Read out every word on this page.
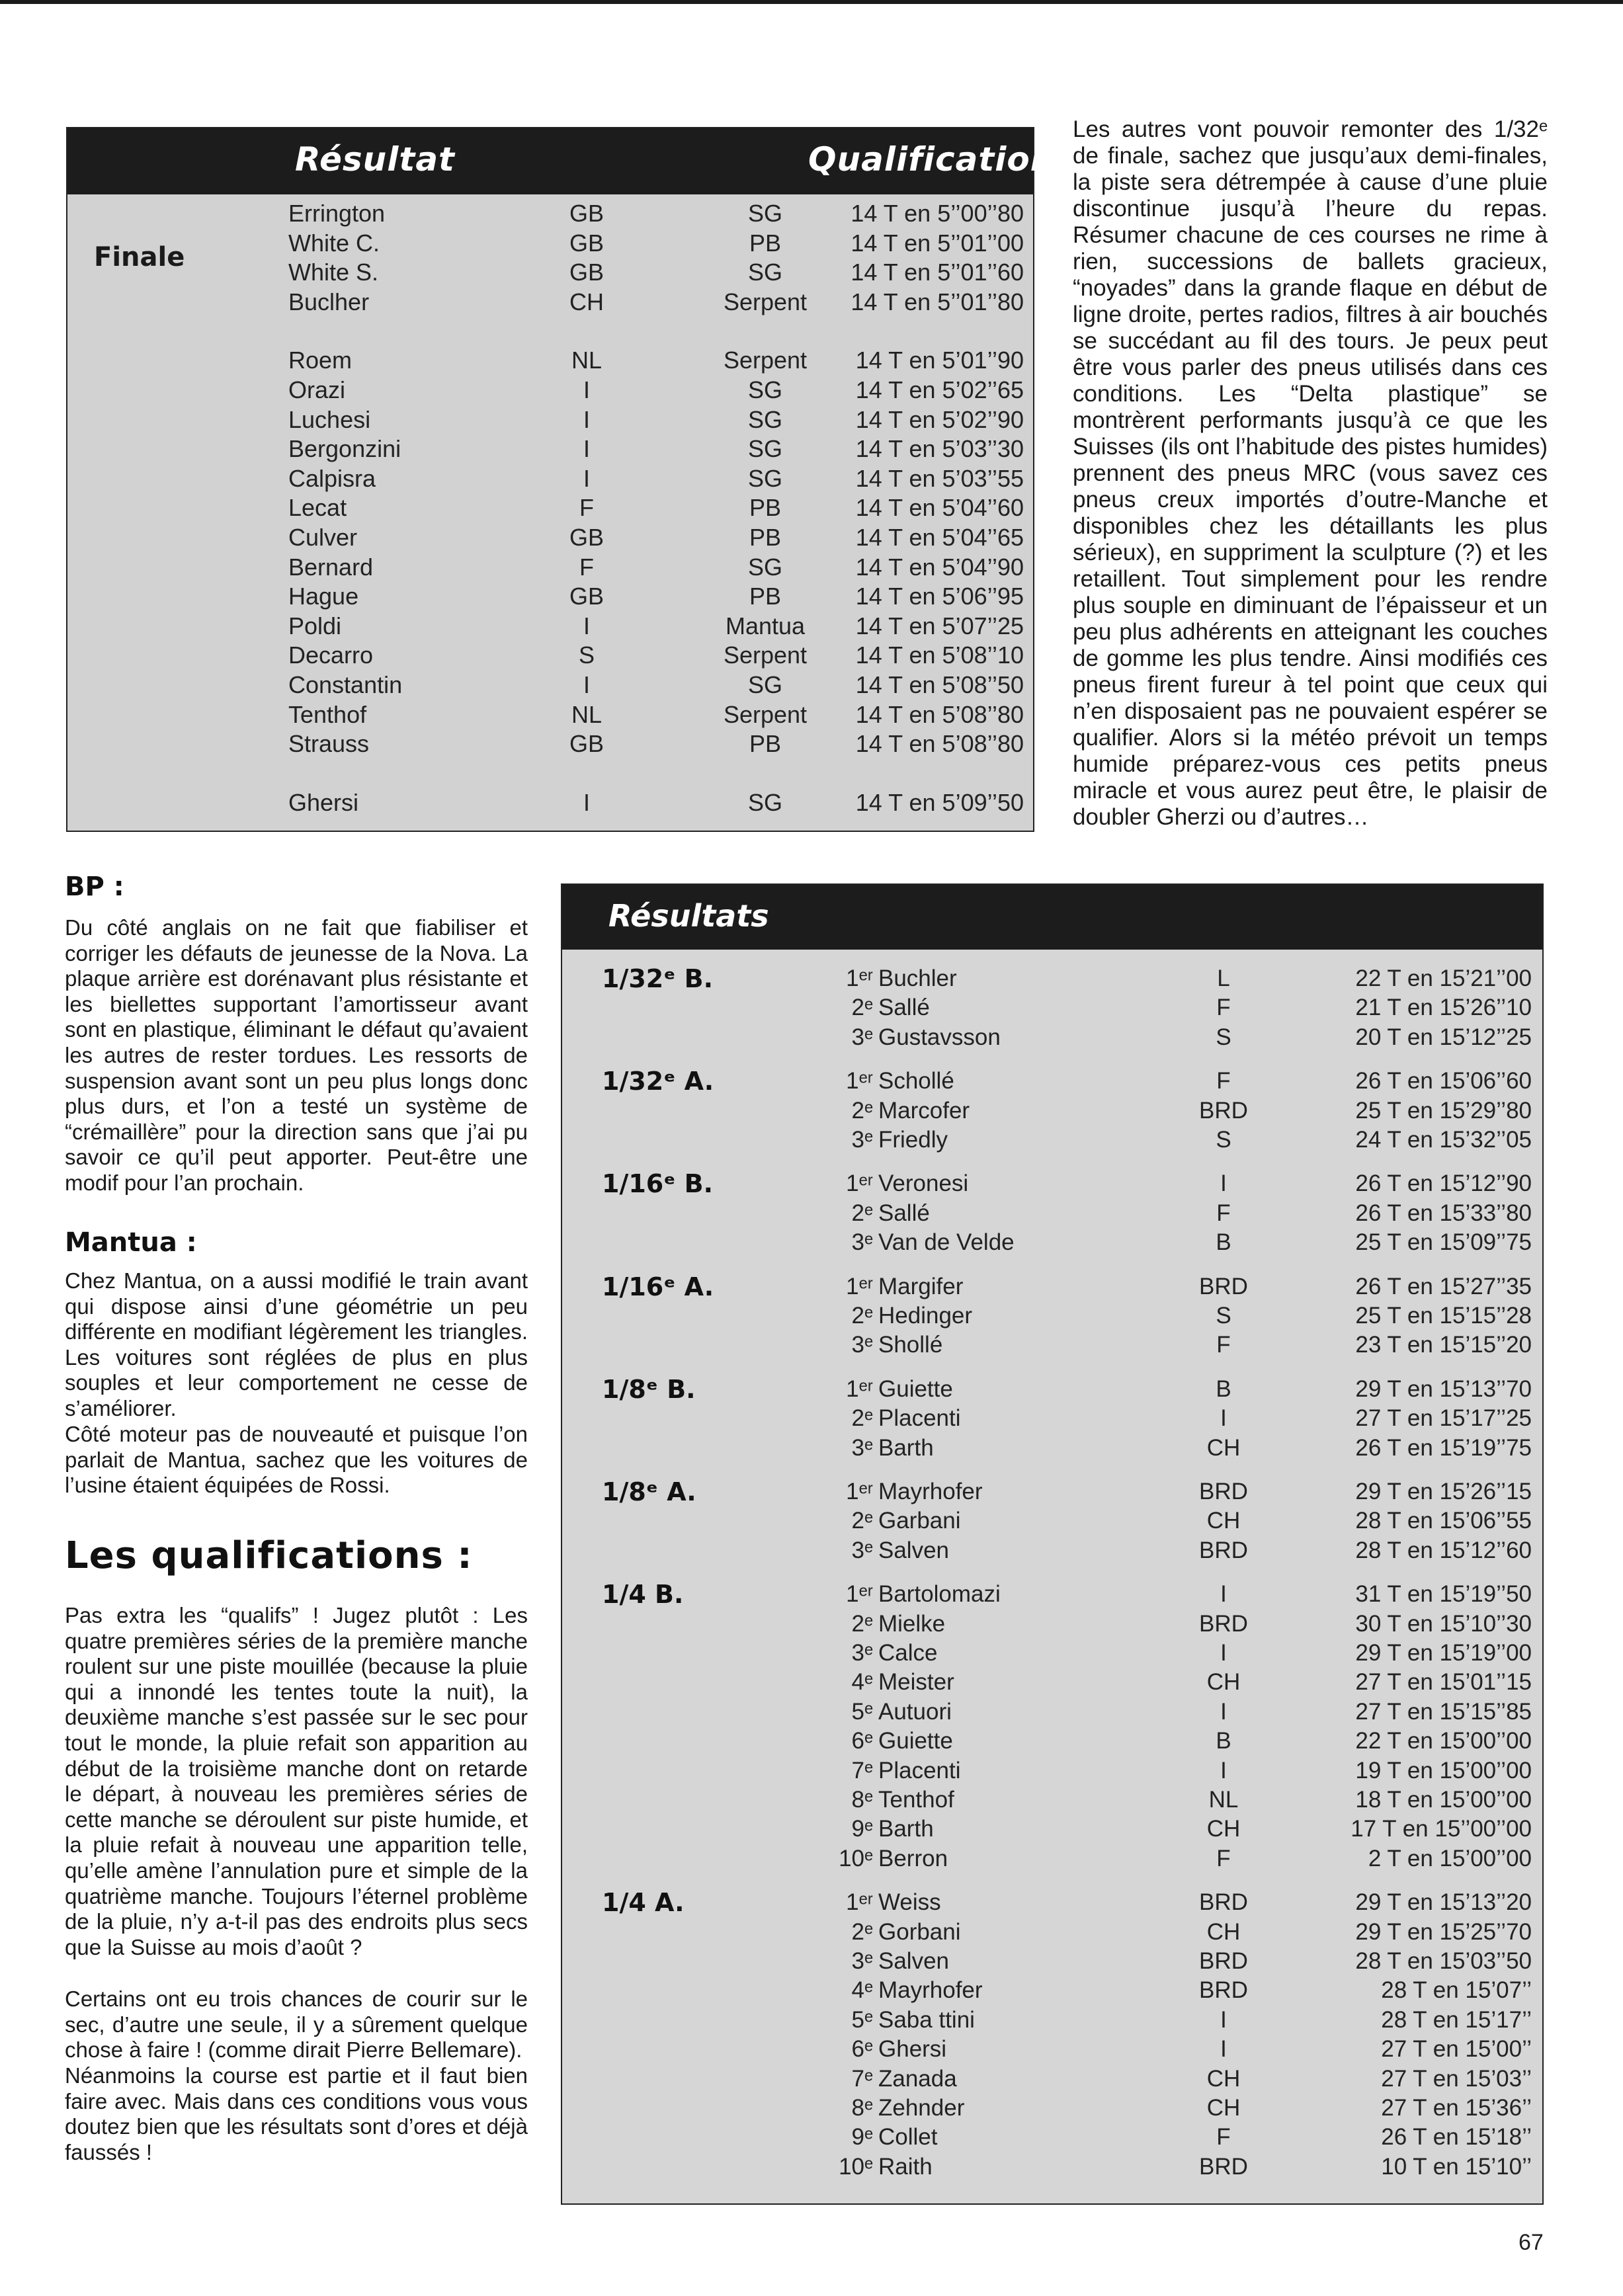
Résultat	Qualifications
Finale
Errington	GB	SG	14 T en 5’’00’’80
White C.	GB	PB	14 T en 5’’01’’00
White S.	GB	SG	14 T en 5’’01’’60
Buclher	CH	Serpent	14 T en 5’’01’’80
Roem	NL	Serpent	14 T en 5’01’’90
Orazi	I	SG	14 T en 5’02’’65
Luchesi	I	SG	14 T en 5’02’’90
Bergonzini	I	SG	14 T en 5’03’’30
Calpisra	I	SG	14 T en 5’03’’55
Lecat	F	PB	14 T en 5’04’’60
Culver	GB	PB	14 T en 5’04’’65
Bernard	F	SG	14 T en 5’04’’90
Hague	GB	PB	14 T en 5’06’’95
Poldi	I	Mantua	14 T en 5’07’’25
Decarro	S	Serpent	14 T en 5’08’’10
Constantin	I	SG	14 T en 5’08’’50
Tenthof	NL	Serpent	14 T en 5’08’’80
Strauss	GB	PB	14 T en 5’08’’80
Ghersi	I	SG	14 T en 5’09’’50
Les autres vont pouvoir remonter des 1/32ᵉ de finale, sachez que jusqu’aux demi-finales, la piste sera détrempée à cause d’une pluie discontinue jusqu’à l’heure du repas. Résumer chacune de ces courses ne rime à rien, successions de ballets gracieux, “noyades” dans la grande flaque en début de ligne droite, pertes radios, filtres à air bouchés se succédant au fil des tours. Je peux peut être vous parler des pneus utilisés dans ces conditions. Les “Delta plastique” se montrèrent performants jusqu’à ce que les Suisses (ils ont l’habitude des pistes humides) prennent des pneus MRC (vous savez ces pneus creux importés d’outre-Manche et disponibles chez les détaillants les plus sérieux), en suppriment la sculpture (?) et les retaillent. Tout simplement pour les rendre plus souple en diminuant de l’épaisseur et un peu plus adhérents en atteignant les couches de gomme les plus tendre. Ainsi modifiés ces pneus firent fureur à tel point que ceux qui n’en disposaient pas ne pouvaient espérer se qualifier. Alors si la météo prévoit un temps humide préparez-vous ces petits pneus miracle et vous aurez peut être, le plaisir de doubler Gherzi ou d’autres…
BP :
Du côté anglais on ne fait que fiabiliser et corriger les défauts de jeunesse de la Nova. La plaque arrière est dorénavant plus résistante et les biellettes supportant l’amortisseur avant sont en plastique, éliminant le défaut qu’avaient les autres de rester tordues. Les ressorts de suspension avant sont un peu plus longs donc plus durs, et l’on a testé un système de “crémaillère” pour la direction sans que j’ai pu savoir ce qu’il peut apporter. Peut-être une modif pour l’an prochain.
Mantua :
Chez Mantua, on a aussi modifié le train avant qui dispose ainsi d’une géométrie un peu différente en modifiant légèrement les triangles. Les voitures sont réglées de plus en plus souples et leur comportement ne cesse de s’améliorer.
Côté moteur pas de nouveauté et puisque l’on parlait de Mantua, sachez que les voitures de l’usine étaient équipées de Rossi.
Les qualifications :
Pas extra les “qualifs” ! Jugez plutôt : Les quatre premières séries de la première manche roulent sur une piste mouillée (because la pluie qui a innondé les tentes toute la nuit), la deuxième manche s’est passée sur le sec pour tout le monde, la pluie refait son apparition au début de la troisième manche dont on retarde le départ, à nouveau les premières séries de cette manche se déroulent sur piste humide, et la pluie refait à nouveau une apparition telle, qu’elle amène l’annulation pure et simple de la quatrième manche. Toujours l’éternel problème de la pluie, n’y a-t-il pas des endroits plus secs que la Suisse au mois d’août ?
Certains ont eu trois chances de courir sur le sec, d’autre une seule, il y a sûrement quelque chose à faire ! (comme dirait Pierre Bellemare).
Néanmoins la course est partie et il faut bien faire avec. Mais dans ces conditions vous vous doutez bien que les résultats sont d’ores et déjà faussés !
Résultats
1/32ᵉ B.	1ᵉʳ Buchler	L	22 T en 15’21’’00
2ᵉ Sallé	F	21 T en 15’26’’10
3ᵉ Gustavsson	S	20 T en 15’12’’25
1/32ᵉ A.	1ᵉʳ Schollé	F	26 T en 15’06’’60
2ᵉ Marcofer	BRD	25 T en 15’29’’80
3ᵉ Friedly	S	24 T en 15’32’’05
1/16ᵉ B.	1ᵉʳ Veronesi	I	26 T en 15’12’’90
2ᵉ Sallé	F	26 T en 15’33’’80
3ᵉ Van de Velde	B	25 T en 15’09’’75
1/16ᵉ A.	1ᵉʳ Margifer	BRD	26 T en 15’27’’35
2ᵉ Hedinger	S	25 T en 15’15’’28
3ᵉ Shollé	F	23 T en 15’15’’20
1/8ᵉ B.	1ᵉʳ Guiette	B	29 T en 15’13’’70
2ᵉ Placenti	I	27 T en 15’17’’25
3ᵉ Barth	CH	26 T en 15’19’’75
1/8ᵉ A.	1ᵉʳ Mayrhofer	BRD	29 T en 15’26’’15
2ᵉ Garbani	CH	28 T en 15’06’’55
3ᵉ Salven	BRD	28 T en 15’12’’60
1/4 B.	1ᵉʳ Bartolomazi	I	31 T en 15’19’’50
2ᵉ Mielke	BRD	30 T en 15’10’’30
3ᵉ Calce	I	29 T en 15’19’’00
4ᵉ Meister	CH	27 T en 15’01’’15
5ᵉ Autuori	I	27 T en 15’15’’85
6ᵉ Guiette	B	22 T en 15’00’’00
7ᵉ Placenti	I	19 T en 15’00’’00
8ᵉ Tenthof	NL	18 T en 15’00’’00
9ᵉ Barth	CH	17 T en 15’’00’’00
10ᵉ Berron	F	2 T en 15’00’’00
1/4 A.	1ᵉʳ Weiss	BRD	29 T en 15’13’’20
2ᵉ Gorbani	CH	29 T en 15’25’’70
3ᵉ Salven	BRD	28 T en 15’03’’50
4ᵉ Mayrhofer	BRD	28 T en 15’07’’
5ᵉ Saba ttini	I	28 T en 15’17’’
6ᵉ Ghersi	I	27 T en 15’00’’
7ᵉ Zanada	CH	27 T en 15’03’’
8ᵉ Zehnder	CH	27 T en 15’36’’
9ᵉ Collet	F	26 T en 15’18’’
10ᵉ Raith	BRD	10 T en 15’10’’
67
